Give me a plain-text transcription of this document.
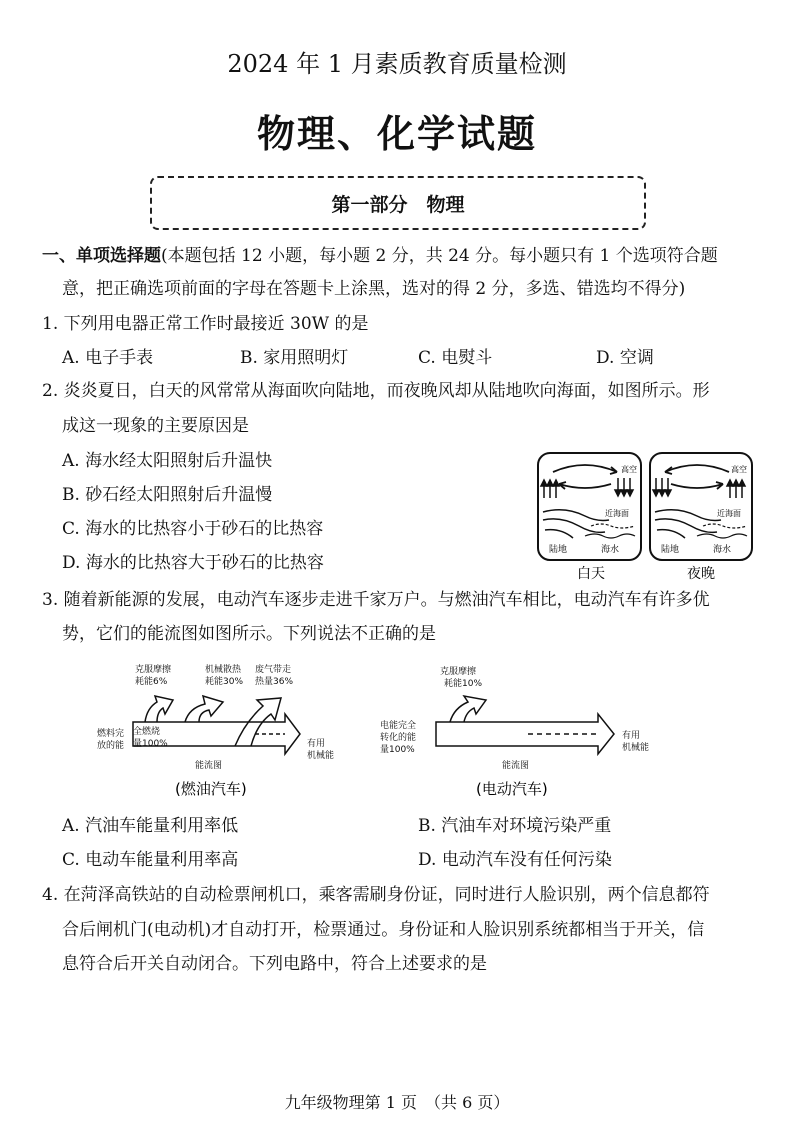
2024 年 1 月素质教育质量检测
物理、化学试题
第一部分　物理
一、单项选择题(本题包括 12 小题，每小题 2 分，共 24 分。每小题只有 1 个选项符合题
意，把正确选项前面的字母在答题卡上涂黑，选对的得 2 分，多选、错选均不得分)
1. 下列用电器正常工作时最接近 30W 的是
A. 电子手表	B. 家用照明灯	C. 电熨斗	D. 空调
2. 炎炎夏日，白天的风常常从海面吹向陆地，而夜晚风却从陆地吹向海面，如图所示。形
成这一现象的主要原因是
A. 海水经太阳照射后升温快
B. 砂石经太阳照射后升温慢
C. 海水的比热容小于砂石的比热容
D. 海水的比热容大于砂石的比热容
高空
近海面
陆地	海水
白天
高空
近海面
陆地	海水
夜晚
3. 随着新能源的发展，电动汽车逐步走进千家万户。与燃油汽车相比，电动汽车有许多优
势，它们的能流图如图所示。下列说法不正确的是
克服摩擦
耗能6%
机械散热
耗能30%
废气带走
热量36%
燃料完
放的能
全燃烧
量100%	有用
机械能
能流图
(燃油汽车)
克服摩擦
耗能10%
电能完全
转化的能
量100%
有用
机械能
能流图
(电动汽车)
A. 汽油车能量利用率低	B. 汽油车对环境污染严重
C. 电动车能量利用率高	D. 电动汽车没有任何污染
4. 在菏泽高铁站的自动检票闸机口，乘客需刷身份证，同时进行人脸识别，两个信息都符
合后闸机门(电动机)才自动打开，检票通过。身份证和人脸识别系统都相当于开关，信
息符合后开关自动闭合。下列电路中，符合上述要求的是
九年级物理第 1 页　（共 6 页）
